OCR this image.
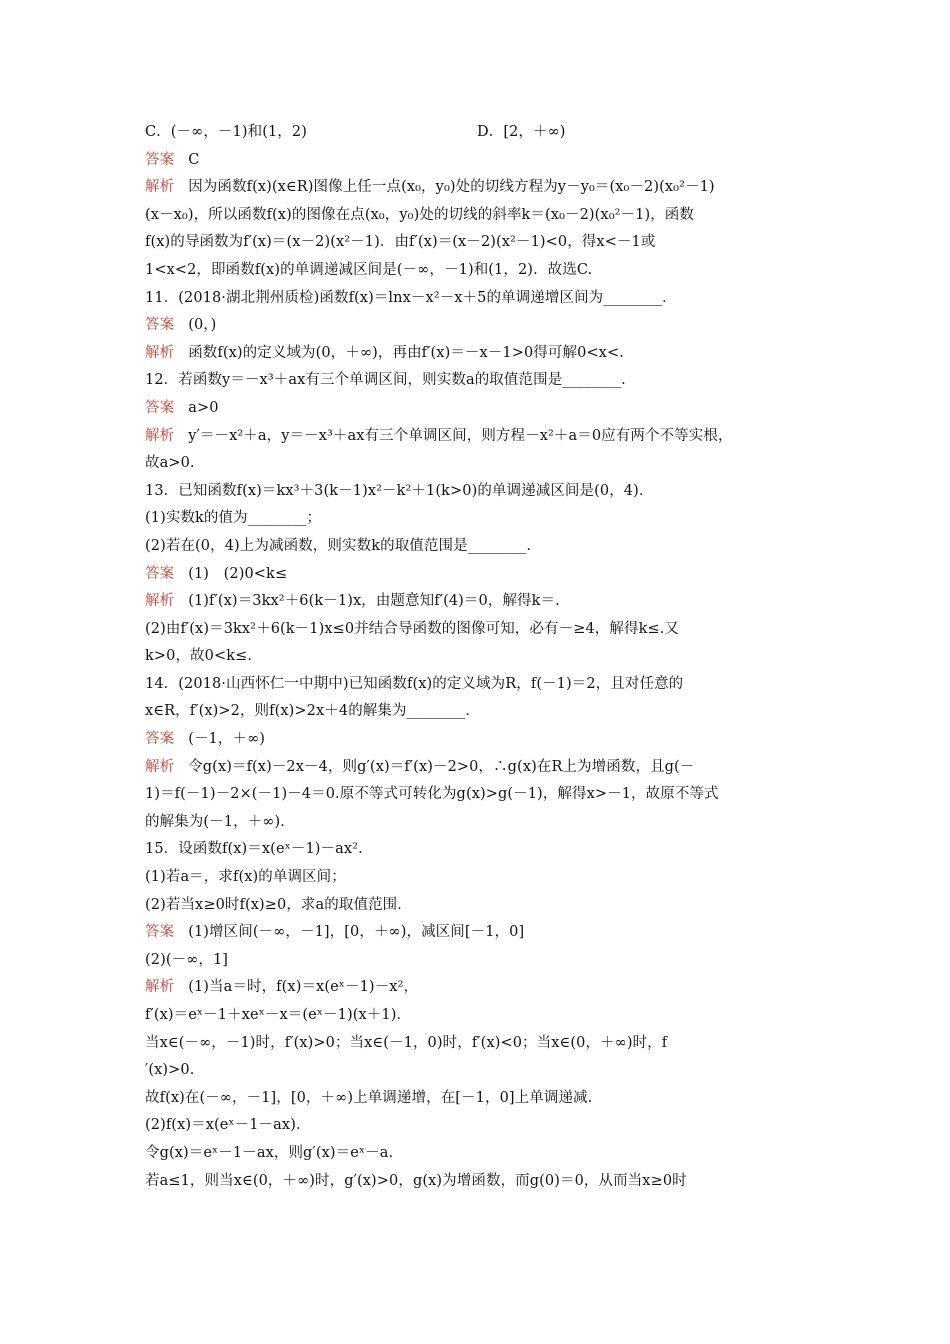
C．(－∞，－1)和(1，2)	D．[2，＋∞)
答案 C
解析 因为函数f(x)(x∈R)图像上任一点(x₀，y₀)处的切线方程为y－y₀＝(x₀－2)(x₀²－1)
(x－x₀)，所以函数f(x)的图像在点(x₀，y₀)处的切线的斜率k＝(x₀－2)(x₀²－1)，函数
f(x)的导函数为f′(x)＝(x－2)(x²－1)．由f′(x)＝(x－2)(x²－1)<0，得x<－1或
1<x<2，即函数f(x)的单调递减区间是(－∞，－1)和(1，2)．故选C.
11．(2018·湖北荆州质检)函数f(x)＝lnx－x²－x＋5的单调递增区间为________．
答案 (0，)
解析 函数f(x)的定义域为(0，＋∞)，再由f′(x)＝－x－1>0得可解0<x<.
12．若函数y＝－x³＋ax有三个单调区间，则实数a的取值范围是________．
答案 a>0
解析 y′＝－x²＋a，y＝－x³＋ax有三个单调区间，则方程－x²＋a＝0应有两个不等实根，
故a>0.
13．已知函数f(x)＝kx³＋3(k－1)x²－k²＋1(k>0)的单调递减区间是(0，4)．
(1)实数k的值为________；
(2)若在(0，4)上为减函数，则实数k的取值范围是________．
答案 (1)　(2)0<k≤
解析 (1)f′(x)＝3kx²＋6(k－1)x，由题意知f′(4)＝0，解得k＝.
(2)由f′(x)＝3kx²＋6(k－1)x≤0并结合导函数的图像可知，必有－≥4，解得k≤.又
k>0，故0<k≤.
14．(2018·山西怀仁一中期中)已知函数f(x)的定义域为R，f(－1)＝2，且对任意的
x∈R，f′(x)>2，则f(x)>2x＋4的解集为________．
答案 (－1，＋∞)
解析 令g(x)＝f(x)－2x－4，则g′(x)＝f′(x)－2>0，∴g(x)在R上为增函数，且g(－
1)＝f(－1)－2×(－1)－4＝0.原不等式可转化为g(x)>g(－1)，解得x>－1，故原不等式
的解集为(－1，＋∞)．
15．设函数f(x)＝x(eˣ－1)－ax².
(1)若a＝，求f(x)的单调区间；
(2)若当x≥0时f(x)≥0，求a的取值范围．
答案 (1)增区间(－∞，－1]，[0，＋∞)，减区间[－1，0]
(2)(－∞，1]
解析 (1)当a＝时，f(x)＝x(eˣ－1)－x²，
f′(x)＝eˣ－1＋xeˣ－x＝(eˣ－1)(x＋1)．
当x∈(－∞，－1)时，f′(x)>0；当x∈(－1，0)时，f′(x)<0；当x∈(0，＋∞)时，f
′(x)>0.
故f(x)在(－∞，－1]，[0，＋∞)上单调递增，在[－1，0]上单调递减.
(2)f(x)＝x(eˣ－1－ax)．
令g(x)＝eˣ－1－ax，则g′(x)＝eˣ－a.
若a≤1，则当x∈(0，＋∞)时，g′(x)>0，g(x)为增函数，而g(0)＝0，从而当x≥0时
